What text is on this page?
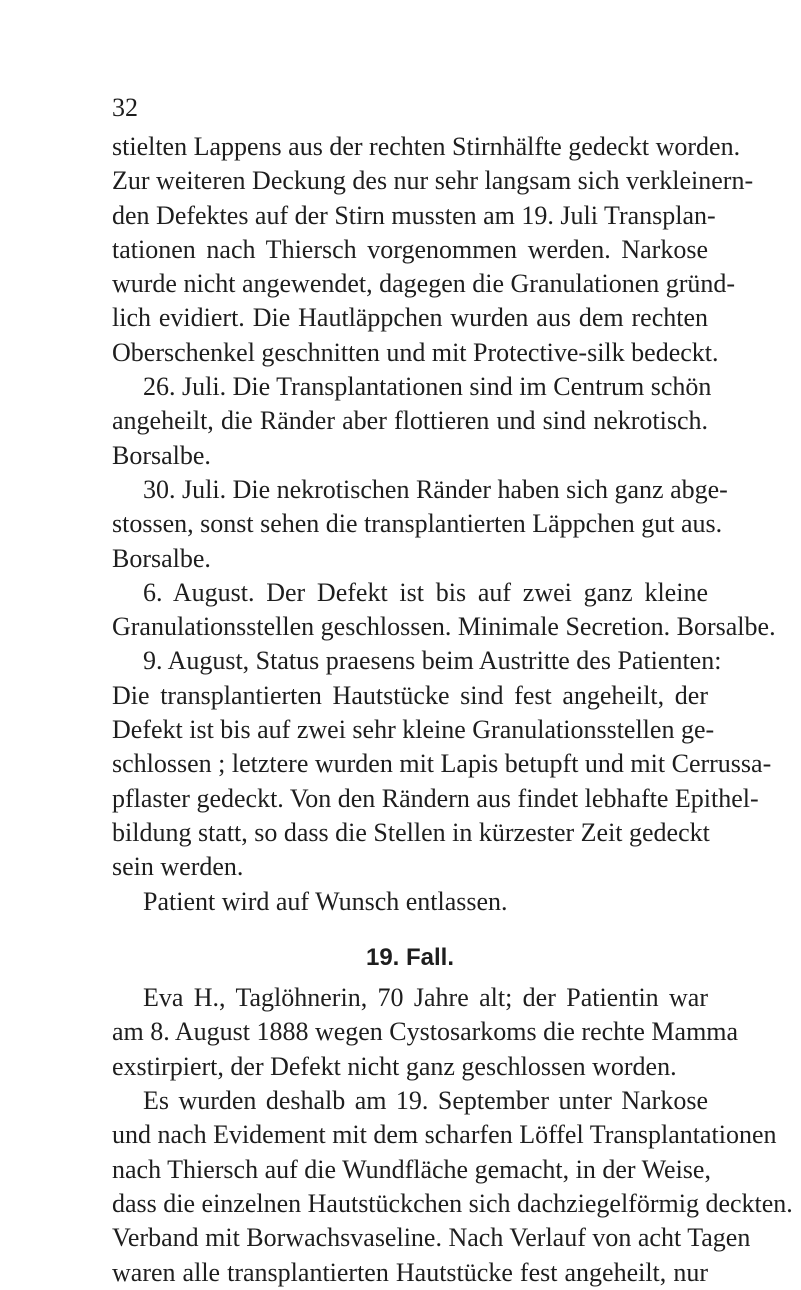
32
stielten Lappens aus der rechten Stirnhälfte gedeckt worden.
Zur weiteren Deckung des nur sehr langsam sich verkleinern-
den Defektes auf der Stirn mussten am 19. Juli Transplan-
tationen nach Thiersch vorgenommen werden. Narkose
wurde nicht angewendet, dagegen die Granulationen gründ-
lich evidiert. Die Hautläppchen wurden aus dem rechten
Oberschenkel geschnitten und mit Protective-silk bedeckt.
26. Juli. Die Transplantationen sind im Centrum schön
angeheilt, die Ränder aber flottieren und sind nekrotisch.
Borsalbe.
30. Juli. Die nekrotischen Ränder haben sich ganz abge-
stossen, sonst sehen die transplantierten Läppchen gut aus.
Borsalbe.
6. August. Der Defekt ist bis auf zwei ganz kleine
Granulationsstellen geschlossen. Minimale Secretion. Borsalbe.
9. August, Status praesens beim Austritte des Patienten:
Die transplantierten Hautstücke sind fest angeheilt, der
Defekt ist bis auf zwei sehr kleine Granulationsstellen ge-
schlossen ; letztere wurden mit Lapis betupft und mit Cerrussa-
pflaster gedeckt. Von den Rändern aus findet lebhafte Epithel-
bildung statt, so dass die Stellen in kürzester Zeit gedeckt
sein werden.
Patient wird auf Wunsch entlassen.
19. Fall.
Eva H., Taglöhnerin, 70 Jahre alt; der Patientin war
am 8. August 1888 wegen Cystosarkoms die rechte Mamma
exstirpiert, der Defekt nicht ganz geschlossen worden.
Es wurden deshalb am 19. September unter Narkose
und nach Evidement mit dem scharfen Löffel Transplantationen
nach Thiersch auf die Wundfläche gemacht, in der Weise,
dass die einzelnen Hautstückchen sich dachziegelförmig deckten.
Verband mit Borwachsvaseline. Nach Verlauf von acht Tagen
waren alle transplantierten Hautstücke fest angeheilt, nur
